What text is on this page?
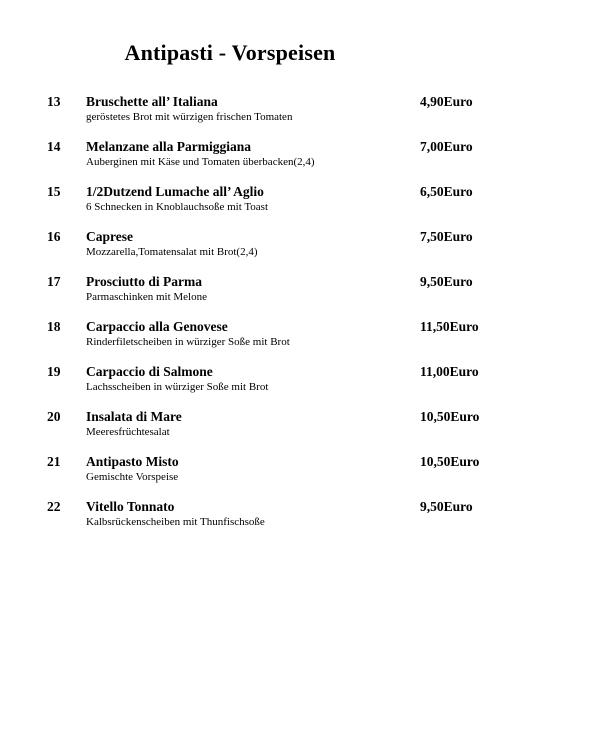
Antipasti - Vorspeisen
13 Bruschette all’ Italiana
geröstetes Brot mit würzigen frischen Tomaten
4,90Euro
14 Melanzane alla Parmiggiana
Auberginen mit Käse und Tomaten überbacken(2,4)
7,00Euro
15 1/2Dutzend Lumache all’ Aglio
6 Schnecken in Knoblauchsoße mit Toast
6,50Euro
16 Caprese
Mozzarella,Tomatensalat mit Brot(2,4)
7,50Euro
17 Prosciutto di Parma
Parmaschinken mit Melone
9,50Euro
18 Carpaccio alla Genovese
Rinderfiletscheiben in würziger Soße mit Brot
11,50Euro
19 Carpaccio di Salmone
Lachsscheiben in würziger Soße mit Brot
11,00Euro
20 Insalata di Mare
Meeresfrüchtesalat
10,50Euro
21 Antipasto Misto
Gemischte Vorspeise
10,50Euro
22 Vitello Tonnato
Kalbsrückenscheiben mit Thunfischsoße
9,50Euro
